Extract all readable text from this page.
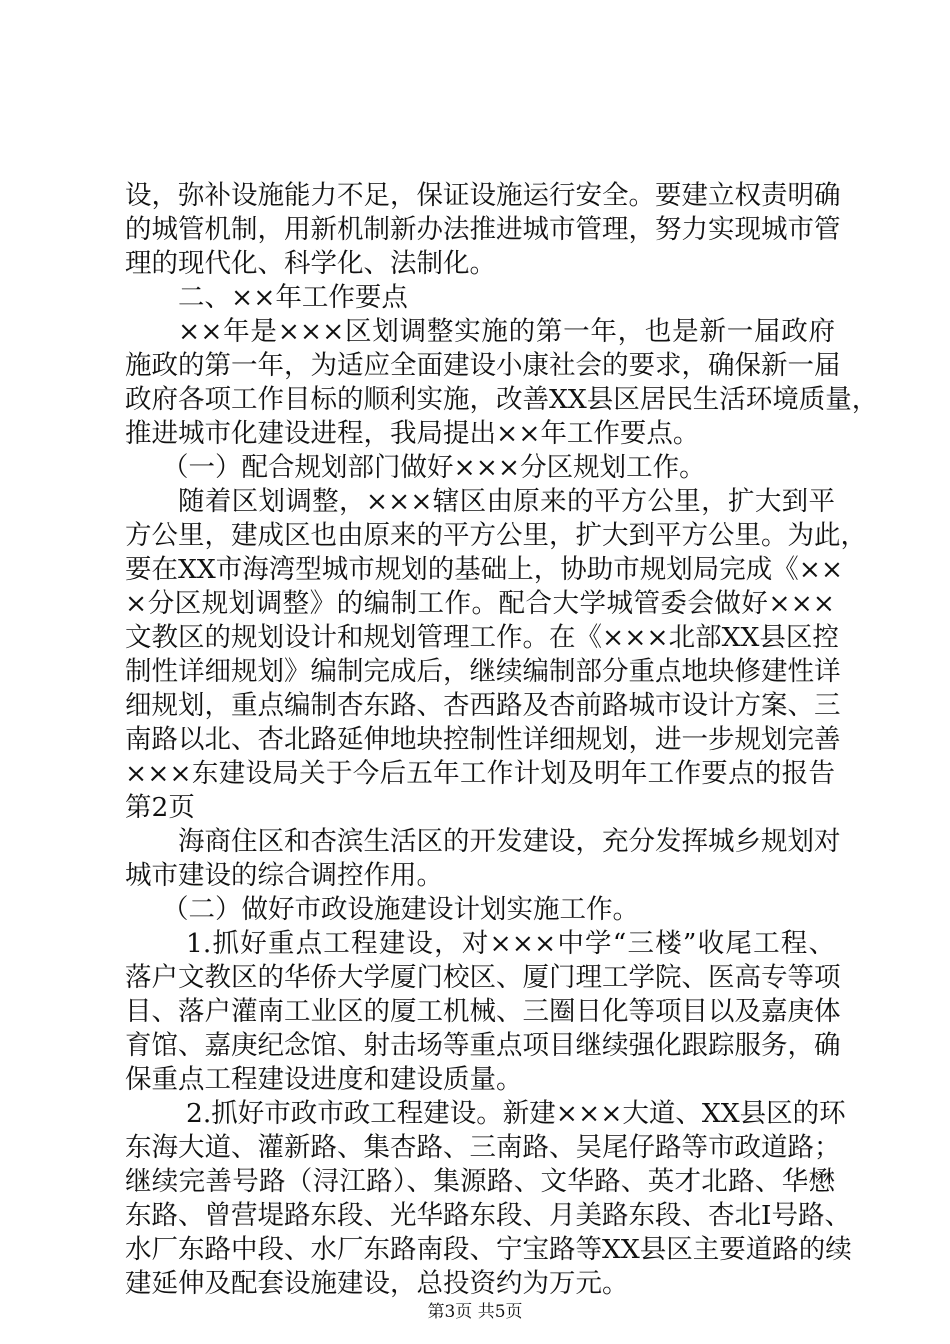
设，弥补设施能力不足，保证设施运行安全。要建立权责明确
的城管机制，用新机制新办法推进城市管理，努力实现城市管
理的现代化、科学化、法制化。
二、××年工作要点
××年是×××区划调整实施的第一年，也是新一届政府
施政的第一年，为适应全面建设小康社会的要求，确保新一届
政府各项工作目标的顺利实施，改善XX县区居民生活环境质量，
推进城市化建设进程，我局提出××年工作要点。
（一）配合规划部门做好×××分区规划工作。
随着区划调整，×××辖区由原来的平方公里，扩大到平
方公里，建成区也由原来的平方公里，扩大到平方公里。为此，
要在XX市海湾型城市规划的基础上，协助市规划局完成《××
×分区规划调整》的编制工作。配合大学城管委会做好×××
文教区的规划设计和规划管理工作。在《×××北部XX县区控
制性详细规划》编制完成后，继续编制部分重点地块修建性详
细规划，重点编制杏东路、杏西路及杏前路城市设计方案、三
南路以北、杏北路延伸地块控制性详细规划，进一步规划完善
×××东建设局关于今后五年工作计划及明年工作要点的报告
第2页
海商住区和杏滨生活区的开发建设，充分发挥城乡规划对
城市建设的综合调控作用。
（二）做好市政设施建设计划实施工作。
1.抓好重点工程建设，对×××中学“三楼”收尾工程、
落户文教区的华侨大学厦门校区、厦门理工学院、医高专等项
目、落户灌南工业区的厦工机械、三圈日化等项目以及嘉庚体
育馆、嘉庚纪念馆、射击场等重点项目继续强化跟踪服务，确
保重点工程建设进度和建设质量。
2.抓好市政市政工程建设。新建×××大道、XX县区的环
东海大道、灌新路、集杏路、三南路、吴尾仔路等市政道路；
继续完善号路（浔江路）、集源路、文华路、英才北路、华懋
东路、曾营堤路东段、光华路东段、月美路东段、杏北Ⅰ号路、
水厂东路中段、水厂东路南段、宁宝路等XX县区主要道路的续
建延伸及配套设施建设，总投资约为万元。
第3页 共5页
